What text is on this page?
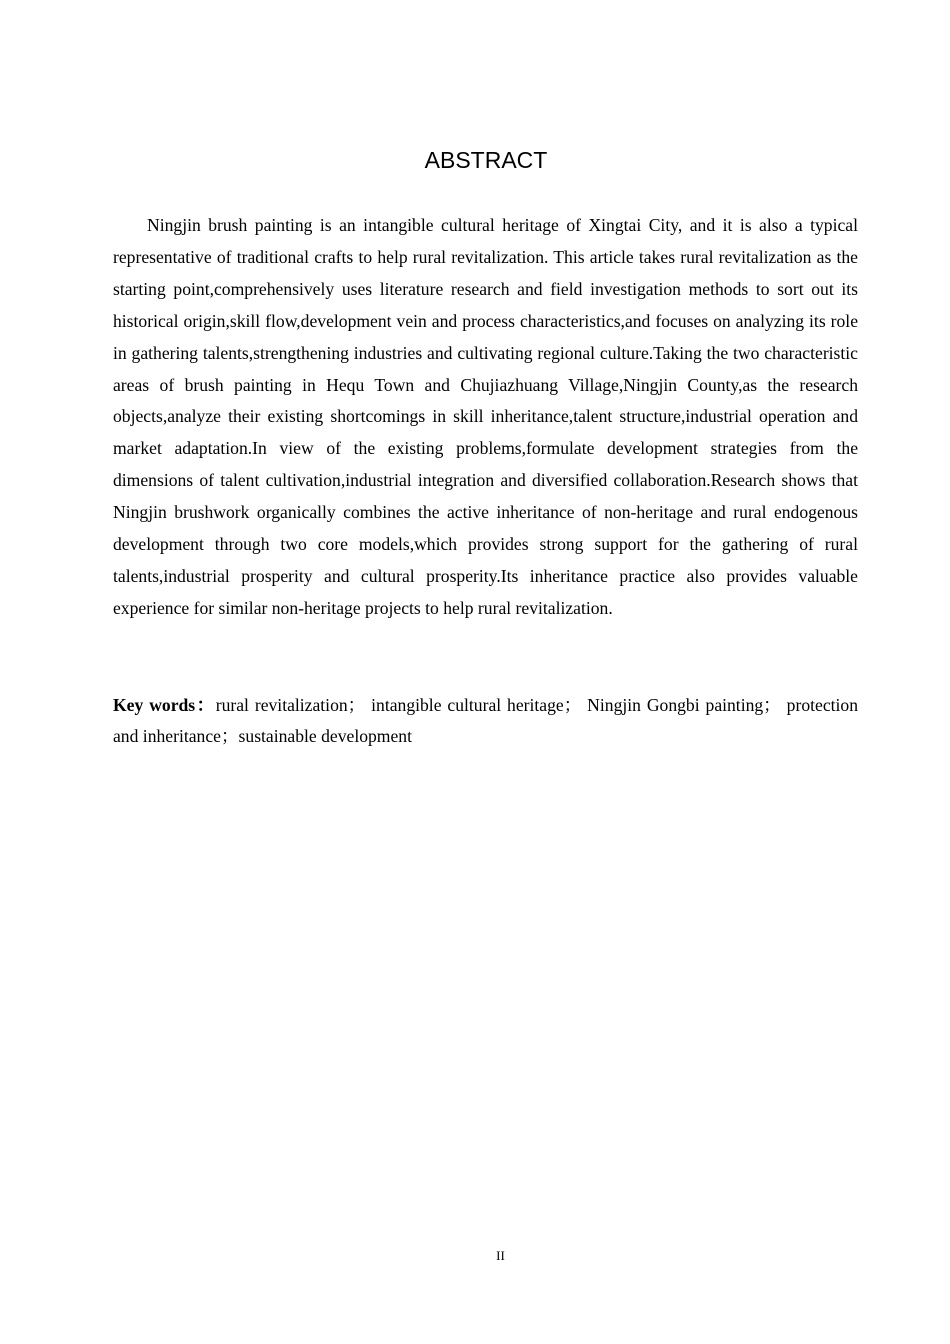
ABSTRACT

Ningjin brush painting is an intangible cultural heritage of Xingtai City, and it is also a typical representative of traditional crafts to help rural revitalization. This article takes rural revitalization as the starting point,comprehensively uses literature research and field investigation methods to sort out its historical origin,skill flow,development vein and process characteristics,and focuses on analyzing its role in gathering talents,strengthening industries and cultivating regional culture.Taking the two characteristic areas of brush painting in Hequ Town and Chujiazhuang Village,Ningjin County,as the research objects,analyze their existing shortcomings in skill inheritance,talent structure,industrial operation and market adaptation.In view of the existing problems,formulate development strategies from the dimensions of talent cultivation,industrial integration and diversified collaboration.Research shows that Ningjin brushwork organically combines the active inheritance of non-heritage and rural endogenous development through two core models,which provides strong support for the gathering of rural talents,industrial prosperity and cultural prosperity.Its inheritance practice also provides valuable experience for similar non-heritage projects to help rural revitalization.

Key words：rural revitalization； intangible cultural heritage； Ningjin Gongbi painting； protection and inheritance；sustainable development

II
